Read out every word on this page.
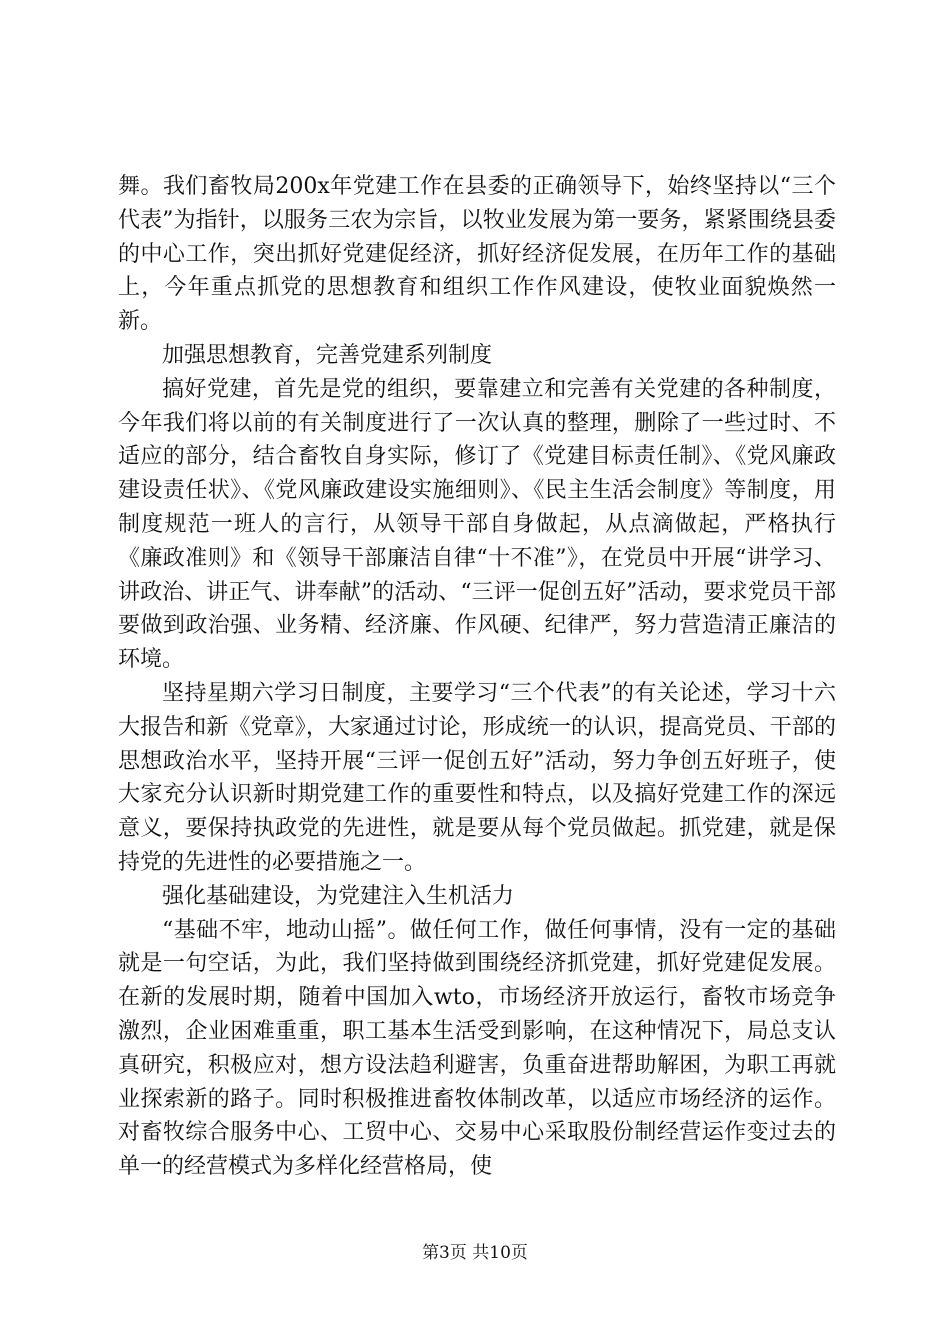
舞。我们畜牧局200x年党建工作在县委的正确领导下，始终坚持以“三个代表”为指针，以服务三农为宗旨，以牧业发展为第一要务，紧紧围绕县委的中心工作，突出抓好党建促经济，抓好经济促发展，在历年工作的基础上，今年重点抓党的思想教育和组织工作作风建设，使牧业面貌焕然一新。

加强思想教育，完善党建系列制度

搞好党建，首先是党的组织，要靠建立和完善有关党建的各种制度，今年我们将以前的有关制度进行了一次认真的整理，删除了一些过时、不适应的部分，结合畜牧自身实际，修订了《党建目标责任制》、《党风廉政建设责任状》、《党风廉政建设实施细则》、《民主生活会制度》等制度，用制度规范一班人的言行，从领导干部自身做起，从点滴做起，严格执行《廉政准则》和《领导干部廉洁自律“十不准”》，在党员中开展“讲学习、讲政治、讲正气、讲奉献”的活动、“三评一促创五好”活动，要求党员干部要做到政治强、业务精、经济廉、作风硬、纪律严，努力营造清正廉洁的环境。

坚持星期六学习日制度，主要学习“三个代表”的有关论述，学习十六大报告和新《党章》，大家通过讨论，形成统一的认识，提高党员、干部的思想政治水平，坚持开展“三评一促创五好”活动，努力争创五好班子，使大家充分认识新时期党建工作的重要性和特点，以及搞好党建工作的深远意义，要保持执政党的先进性，就是要从每个党员做起。抓党建，就是保持党的先进性的必要措施之一。

强化基础建设，为党建注入生机活力

“基础不牢，地动山摇”。做任何工作，做任何事情，没有一定的基础就是一句空话，为此，我们坚持做到围绕经济抓党建，抓好党建促发展。在新的发展时期，随着中国加入wto，市场经济开放运行，畜牧市场竞争激烈，企业困难重重，职工基本生活受到影响，在这种情况下，局总支认真研究，积极应对，想方设法趋利避害，负重奋进帮助解困，为职工再就业探索新的路子。同时积极推进畜牧体制改革，以适应市场经济的运作。对畜牧综合服务中心、工贸中心、交易中心采取股份制经营运作变过去的单一的经营模式为多样化经营格局，使

第3页 共10页
